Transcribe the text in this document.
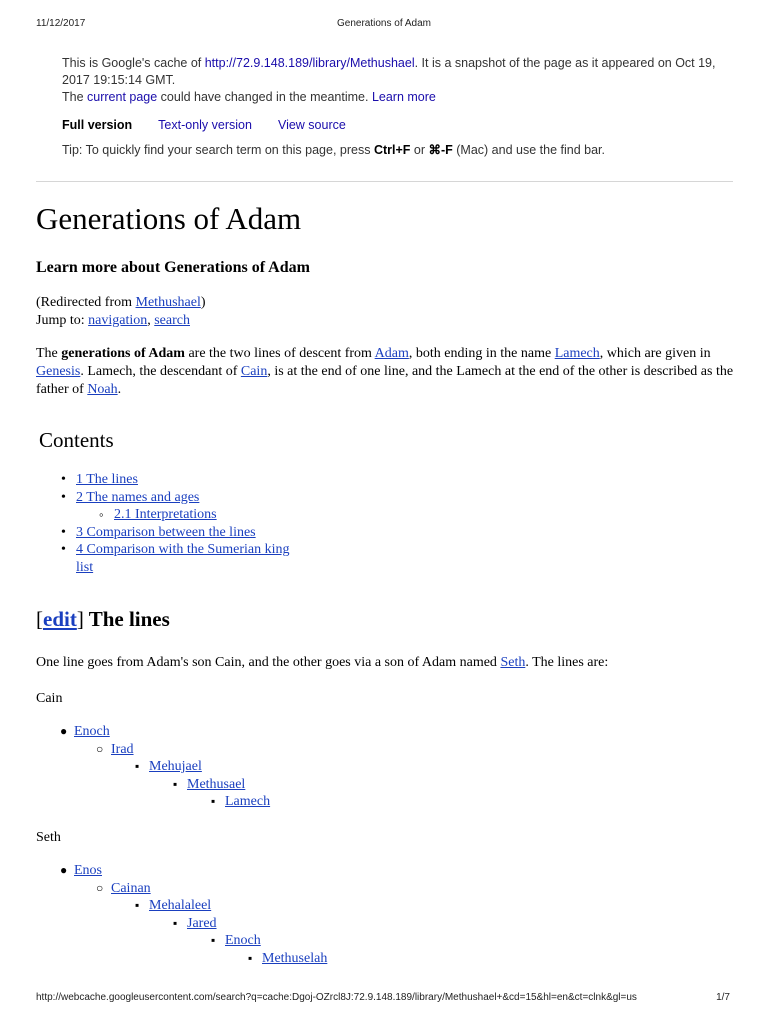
11/12/2017	Generations of Adam
This is Google's cache of http://72.9.148.189/library/Methushael. It is a snapshot of the page as it appeared on Oct 19, 2017 19:15:14 GMT.
The current page could have changed in the meantime. Learn more
Full version Text-only version View source
Tip: To quickly find your search term on this page, press Ctrl+F or ⌘-F (Mac) and use the find bar.
Generations of Adam
Learn more about Generations of Adam
(Redirected from Methushael)
Jump to: navigation, search

The generations of Adam are the two lines of descent from Adam, both ending in the name Lamech, which are given in Genesis. Lamech, the descendant of Cain, is at the end of one line, and the Lamech at the end of the other is described as the father of Noah.

Contents
• 1 The lines
• 2 The names and ages
◦ 2.1 Interpretations
• 3 Comparison between the lines
• 4 Comparison with the Sumerian king list
[edit] The lines

One line goes from Adam's son Cain, and the other goes via a son of Adam named Seth. The lines are:

Cain
● Enoch
○ Irad
▪ Mehujael
▪ Methusael
▪ Lamech
Seth
● Enos
○ Cainan
▪ Mehalaleel
▪ Jared
▪ Enoch
▪ Methuselah
http://webcache.googleusercontent.com/search?q=cache:Dgoj-OZrcl8J:72.9.148.189/library/Methushael+&cd=15&hl=en&ct=clnk&gl=us	1/7
